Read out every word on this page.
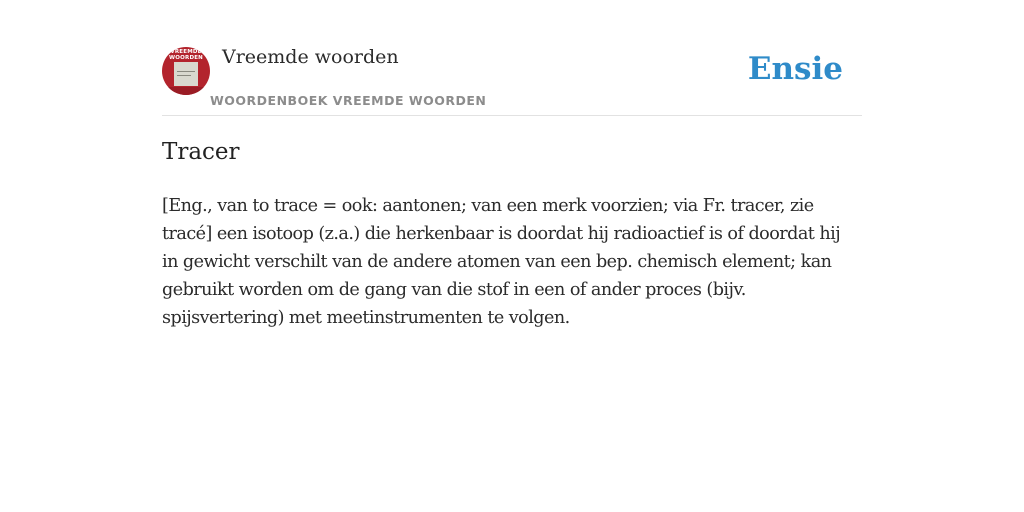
VREEMDE
WOORDEN	Vreemde woorden
WOORDENBOEK VREEMDE WOORDEN
Ensie
Tracer

[Eng., van to trace = ook: aantonen; van een merk voorzien; via Fr. tracer, zie
tracé] een isotoop (z.a.) die herkenbaar is doordat hij radioactief is of doordat hij
in gewicht verschilt van de andere atomen van een bep. chemisch element; kan
gebruikt worden om de gang van die stof in een of ander proces (bijv.
spijsvertering) met meetinstrumenten te volgen.
